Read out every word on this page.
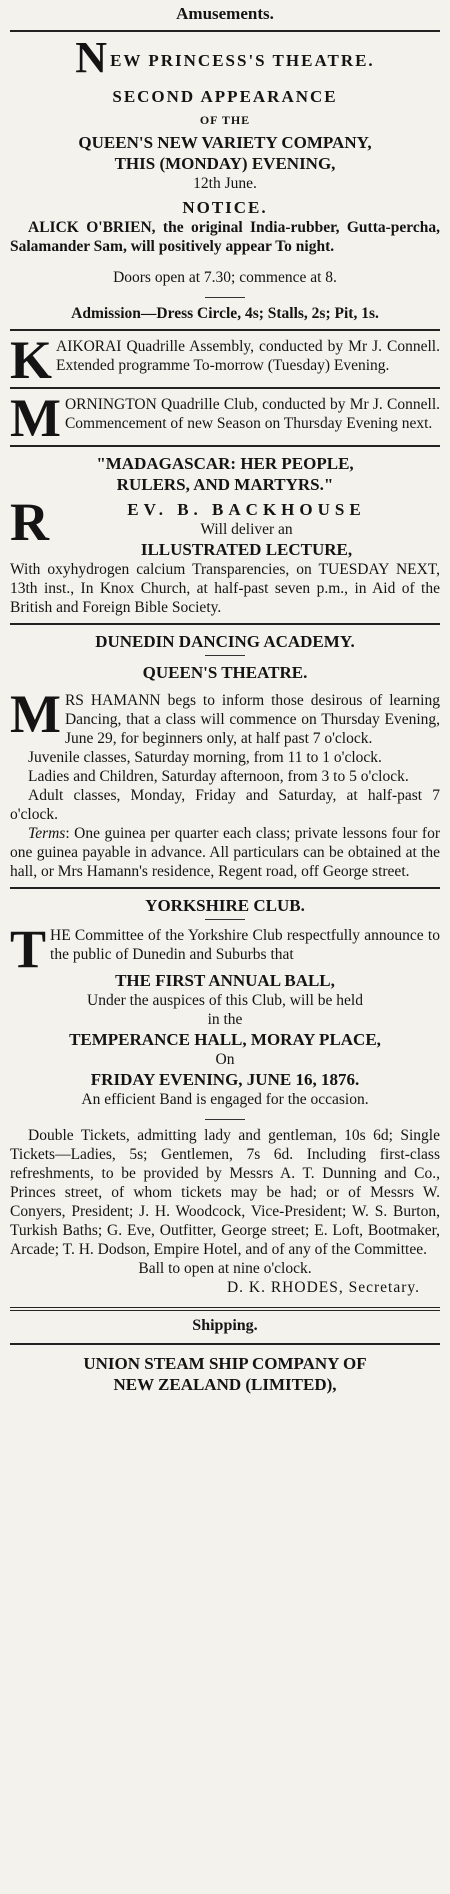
Amusements.
NEW PRINCESS'S THEATRE.
SECOND APPEARANCE
OF THE
QUEEN'S NEW VARIETY COMPANY,
THIS (MONDAY) EVENING,
12th June.
NOTICE.

ALICK O'BRIEN, the original India-rubber, Gutta-percha, Salamander Sam, will positively appear To night.

Doors open at 7.30; commence at 8.
Admission—Dress Circle, 4s; Stalls, 2s; Pit, 1s.
K AIKORAI Quadrille Assembly, conducted by Mr J. Connell. Extended programme To-morrow (Tuesday) Evening.

M ORNINGTON Quadrille Club, conducted by Mr J. Connell. Commencement of new Season on Thursday Evening next.

"MADAGASCAR: HER PEOPLE,
RULERS, AND MARTYRS."
R	EV. B. BACKHOUSE
Will deliver an
ILLUSTRATED LECTURE,

With oxyhydrogen calcium Transparencies, on TUESDAY NEXT, 13th inst., In Knox Church, at half-past seven p.m., in Aid of the British and Foreign Bible Society.

DUNEDIN DANCING ACADEMY.
QUEEN'S THEATRE.
M RS HAMANN begs to inform those desirous of learning Dancing, that a class will commence on Thursday Evening, June 29, for beginners only, at half past 7 o'clock.

Juvenile classes, Saturday morning, from 11 to 1 o'clock.

Ladies and Children, Saturday afternoon, from 3 to 5 o'clock.

Adult classes, Monday, Friday and Saturday, at half-past 7 o'clock.

Terms: One guinea per quarter each class; private lessons four for one guinea payable in advance. All particulars can be obtained at the hall, or Mrs Hamann's residence, Regent road, off George street.

YORKSHIRE CLUB.
T HE Committee of the Yorkshire Club respectfully announce to the public of Dunedin and Suburbs that

THE FIRST ANNUAL BALL,
Under the auspices of this Club, will be held
in the
TEMPERANCE HALL, MORAY PLACE,
On
FRIDAY EVENING, JUNE 16, 1876.
An efficient Band is engaged for the occasion.

Double Tickets, admitting lady and gentleman, 10s 6d; Single Tickets—Ladies, 5s; Gentlemen, 7s 6d. Including first-class refreshments, to be provided by Messrs A. T. Dunning and Co., Princes street, of whom tickets may be had; or of Messrs W. Conyers, President; J. H. Woodcock, Vice-President; W. S. Burton, Turkish Baths; G. Eve, Outfitter, George street; E. Loft, Bootmaker, Arcade; T. H. Dodson, Empire Hotel, and of any of the Committee.

Ball to open at nine o'clock.
D. K. RHODES, Secretary.
Shipping.
UNION STEAM SHIP COMPANY OF
NEW ZEALAND (LIMITED),
